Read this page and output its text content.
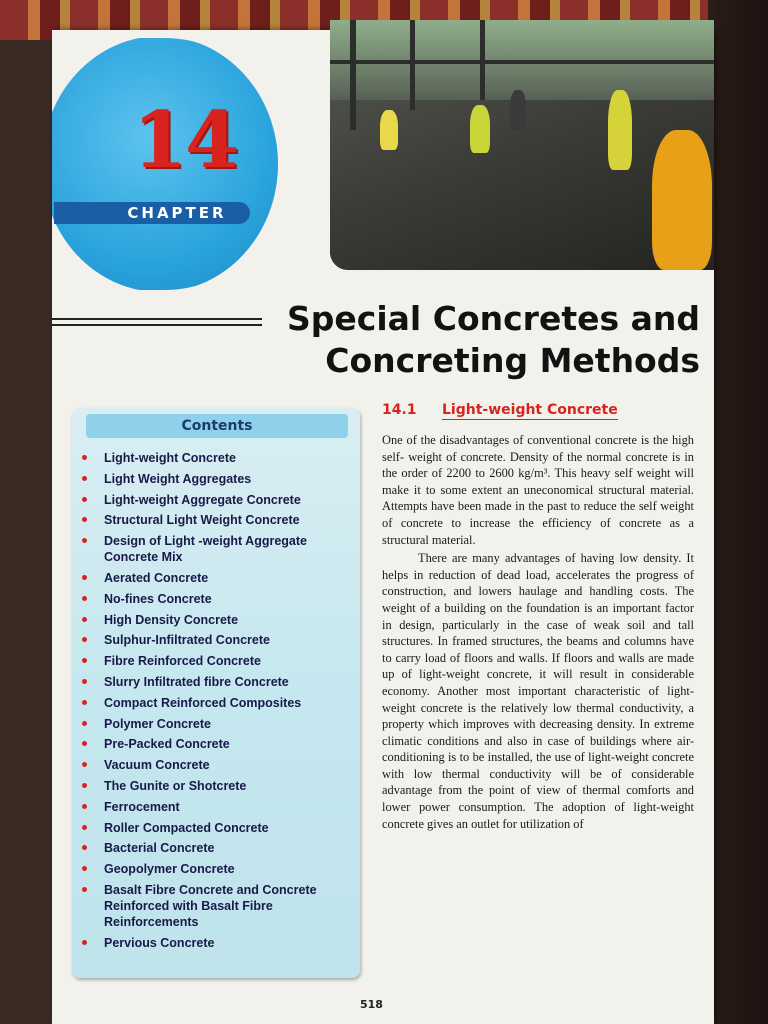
14
CHAPTER
Special Concretes and
Concreting Methods
Contents
Light-weight Concrete
Light Weight Aggregates
Light-weight Aggregate Concrete
Structural Light Weight Concrete
Design of Light -weight Aggregate Concrete Mix
Aerated Concrete
No-fines Concrete
High Density Concrete
Sulphur-Infiltrated Concrete
Fibre Reinforced Concrete
Slurry Infiltrated fibre Concrete
Compact Reinforced Composites
Polymer Concrete
Pre-Packed Concrete
Vacuum Concrete
The Gunite or Shotcrete
Ferrocement
Roller Compacted Concrete
Bacterial Concrete
Geopolymer Concrete
Basalt Fibre Concrete and Concrete Reinforced with Basalt Fibre Reinforcements
Pervious Concrete
14.1 Light-weight Concrete

One of the disadvantages of conventional concrete is the high self- weight of concrete. Density of the normal concrete is in the order of 2200 to 2600 kg/m³. This heavy self weight will make it to some extent an uneconomical structural material. Attempts have been made in the past to reduce the self weight of concrete to increase the efficiency of concrete as a structural material.

There are many advantages of having low density. It helps in reduction of dead load, accelerates the progress of construction, and lowers haulage and handling costs. The weight of a building on the foundation is an important factor in design, particularly in the case of weak soil and tall structures. In framed structures, the beams and columns have to carry load of floors and walls. If floors and walls are made up of light-weight concrete, it will result in considerable economy. Another most important characteristic of light-weight concrete is the relatively low thermal conductivity, a property which improves with decreasing density. In extreme climatic conditions and also in case of buildings where air-conditioning is to be installed, the use of light-weight concrete with low thermal conductivity will be of considerable advantage from the point of view of thermal comforts and lower power consumption. The adoption of light-weight concrete gives an outlet for utilization of

518
